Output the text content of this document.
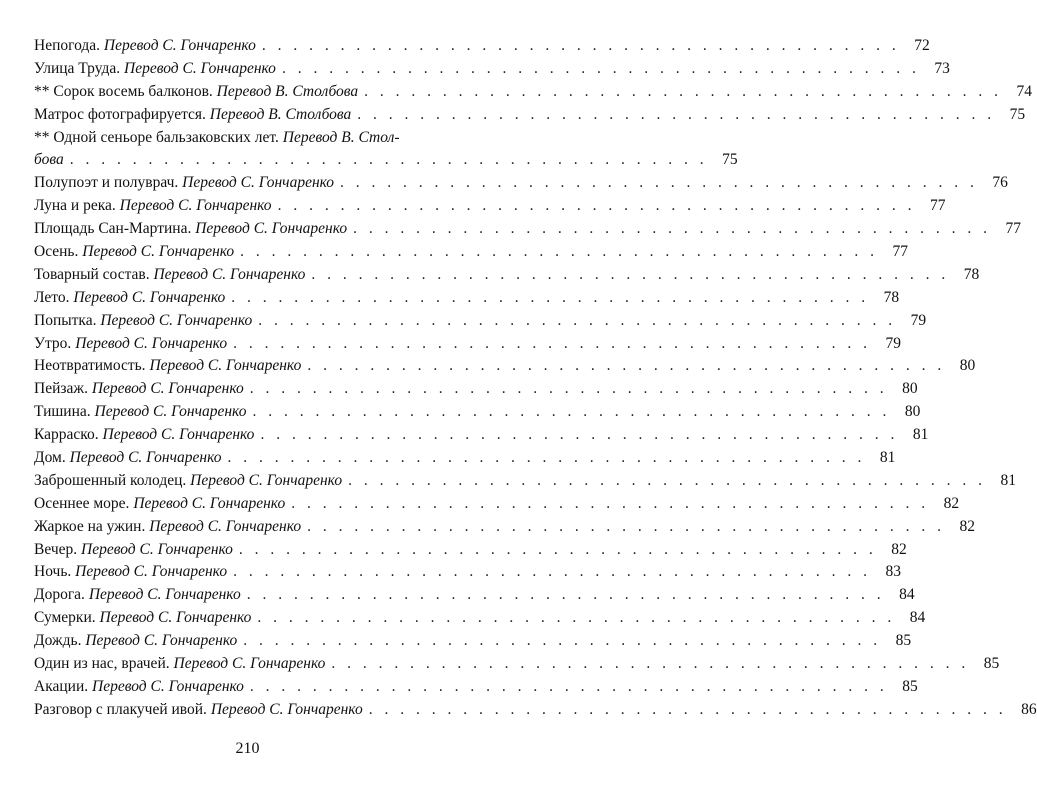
Непогода.
Перевод С. Гончаренко . . . . . . . . . . . . . . . . . . . . . . . . . . . . . . . . . . . . . . . . . 72
Улица Труда.
Перевод С. Гончаренко . . . . . . . . . . . . . . . . . . . . . . . . . . . . . . . . . . . . . . . . . 73
** Сорок восемь балконов.
Перевод В. Столбова . . . . . . . . . . . . . . . . . . . . . . . . . . . . . . . . . . . . . . . . . 74
Матрос фотографируется.
Перевод В. Столбова . . . . . . . . . . . . . . . . . . . . . . . . . . . . . . . . . . . . . . . . . 75
** Одной сеньоре бальзаковских лет.
Перевод В. Стол-
бова . . . . . . . . . . . . . . . . . . . . . . . . . . . . . . . . . . . . . . . . . 75
Полупоэт и полуврач.
Перевод С. Гончаренко . . . . . . . . . . . . . . . . . . . . . . . . . . . . . . . . . . . . . . . . . 76
Луна и река.
Перевод С. Гончаренко . . . . . . . . . . . . . . . . . . . . . . . . . . . . . . . . . . . . . . . . . 77
Площадь Сан-Мартина.
Перевод С. Гончаренко . . . . . . . . . . . . . . . . . . . . . . . . . . . . . . . . . . . . . . . . . 77
Осень.
Перевод С. Гончаренко . . . . . . . . . . . . . . . . . . . . . . . . . . . . . . . . . . . . . . . . . 77
Товарный состав.
Перевод С. Гончаренко . . . . . . . . . . . . . . . . . . . . . . . . . . . . . . . . . . . . . . . . . 78
Лето.
Перевод С. Гончаренко . . . . . . . . . . . . . . . . . . . . . . . . . . . . . . . . . . . . . . . . . 78
Попытка.
Перевод С. Гончаренко . . . . . . . . . . . . . . . . . . . . . . . . . . . . . . . . . . . . . . . . . 79
Утро.
Перевод С. Гончаренко . . . . . . . . . . . . . . . . . . . . . . . . . . . . . . . . . . . . . . . . . 79
Неотвратимость.
Перевод С. Гончаренко . . . . . . . . . . . . . . . . . . . . . . . . . . . . . . . . . . . . . . . . . 80
Пейзаж.
Перевод С. Гончаренко . . . . . . . . . . . . . . . . . . . . . . . . . . . . . . . . . . . . . . . . . 80
Тишина.
Перевод С. Гончаренко . . . . . . . . . . . . . . . . . . . . . . . . . . . . . . . . . . . . . . . . . 80
Карраско.
Перевод С. Гончаренко . . . . . . . . . . . . . . . . . . . . . . . . . . . . . . . . . . . . . . . . . 81
Дом.
Перевод С. Гончаренко . . . . . . . . . . . . . . . . . . . . . . . . . . . . . . . . . . . . . . . . . 81
Заброшенный колодец.
Перевод С. Гончаренко . . . . . . . . . . . . . . . . . . . . . . . . . . . . . . . . . . . . . . . . . 81
Осеннее море.
Перевод С. Гончаренко . . . . . . . . . . . . . . . . . . . . . . . . . . . . . . . . . . . . . . . . . 82
Жаркое на ужин.
Перевод С. Гончаренко . . . . . . . . . . . . . . . . . . . . . . . . . . . . . . . . . . . . . . . . . 82
Вечер.
Перевод С. Гончаренко . . . . . . . . . . . . . . . . . . . . . . . . . . . . . . . . . . . . . . . . . 82
Ночь.
Перевод С. Гончаренко . . . . . . . . . . . . . . . . . . . . . . . . . . . . . . . . . . . . . . . . . 83
Дорога.
Перевод С. Гончаренко . . . . . . . . . . . . . . . . . . . . . . . . . . . . . . . . . . . . . . . . . 84
Сумерки.
Перевод С. Гончаренко . . . . . . . . . . . . . . . . . . . . . . . . . . . . . . . . . . . . . . . . . 84
Дождь.
Перевод С. Гончаренко . . . . . . . . . . . . . . . . . . . . . . . . . . . . . . . . . . . . . . . . . 85
Один из нас, врачей.
Перевод С. Гончаренко . . . . . . . . . . . . . . . . . . . . . . . . . . . . . . . . . . . . . . . . . 85
Акации.
Перевод С. Гончаренко . . . . . . . . . . . . . . . . . . . . . . . . . . . . . . . . . . . . . . . . . 85
Разговор с плакучей ивой.
Перевод С. Гончаренко . . . . . . . . . . . . . . . . . . . . . . . . . . . . . . . . . . . . . . . . . 86
210
